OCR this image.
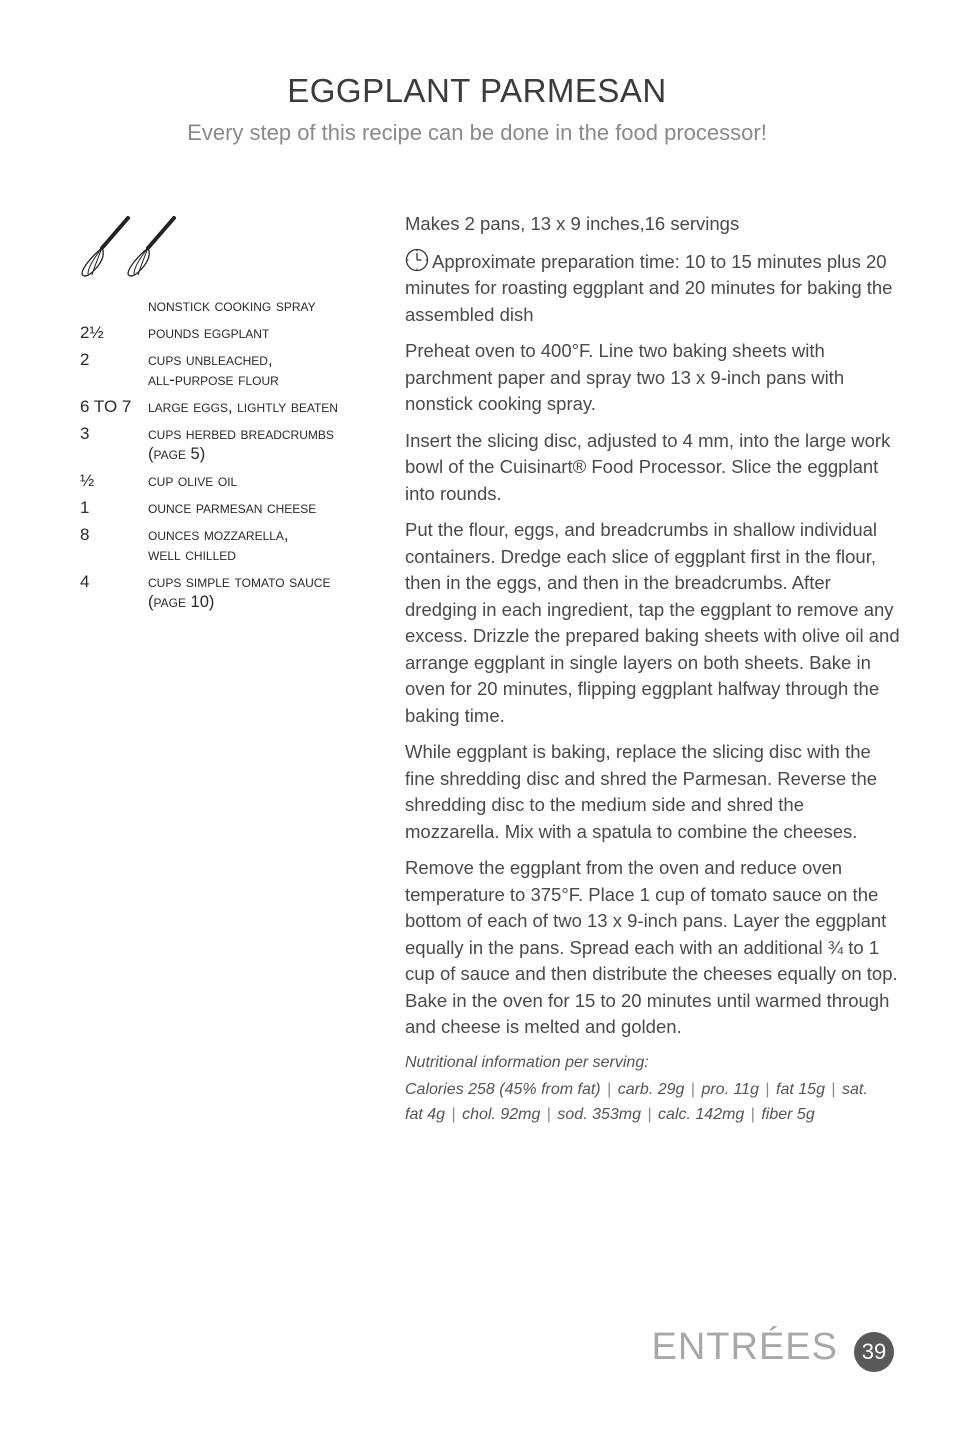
EGGPLANT PARMESAN
Every step of this recipe can be done in the food processor!

	nonstick cooking spray

2½	pounds eggplant

2	cups unbleached,
all-purpose flour

6 TO 7	large eggs, lightly beaten

3	cups herbed breadcrumbs
(page 5)

½	cup olive oil

1	ounce parmesan cheese

8	ounces mozzarella,
well chilled

4	cups simple tomato sauce
(page 10)

Makes 2 pans, 13 x 9 inches,16 servings

Approximate preparation time: 10 to 15 minutes plus 20 minutes for roasting eggplant and 20 minutes for baking the assembled dish

Preheat oven to 400°F. Line two baking sheets with parchment paper and spray two 13 x 9-inch pans with nonstick cooking spray.

Insert the slicing disc, adjusted to 4 mm, into the large work bowl of the Cuisinart® Food Processor. Slice the eggplant into rounds.

Put the flour, eggs, and breadcrumbs in shallow individual containers. Dredge each slice of eggplant first in the flour, then in the eggs, and then in the breadcrumbs. After dredging in each ingredient, tap the eggplant to remove any excess. Drizzle the prepared baking sheets with olive oil and arrange eggplant in single layers on both sheets. Bake in oven for 20 minutes, flipping eggplant halfway through the baking time.

While eggplant is baking, replace the slicing disc with the fine shredding disc and shred the Parmesan. Reverse the shredding disc to the medium side and shred the mozzarella. Mix with a spatula to combine the cheeses.

Remove the eggplant from the oven and reduce oven temperature to 375°F. Place 1 cup of tomato sauce on the bottom of each of two 13 x 9-inch pans. Layer the eggplant equally in the pans. Spread each with an additional ¾ to 1 cup of sauce and then distribute the cheeses equally on top. Bake in the oven for 15 to 20 minutes until warmed through and cheese is melted and golden.

Nutritional information per serving:
Calories 258 (45% from fat) | carb. 29g | pro. 11g | fat 15g | sat. fat 4g | chol. 92mg | sod. 353mg | calc. 142mg | fiber 5g
ENTRÉES	39
